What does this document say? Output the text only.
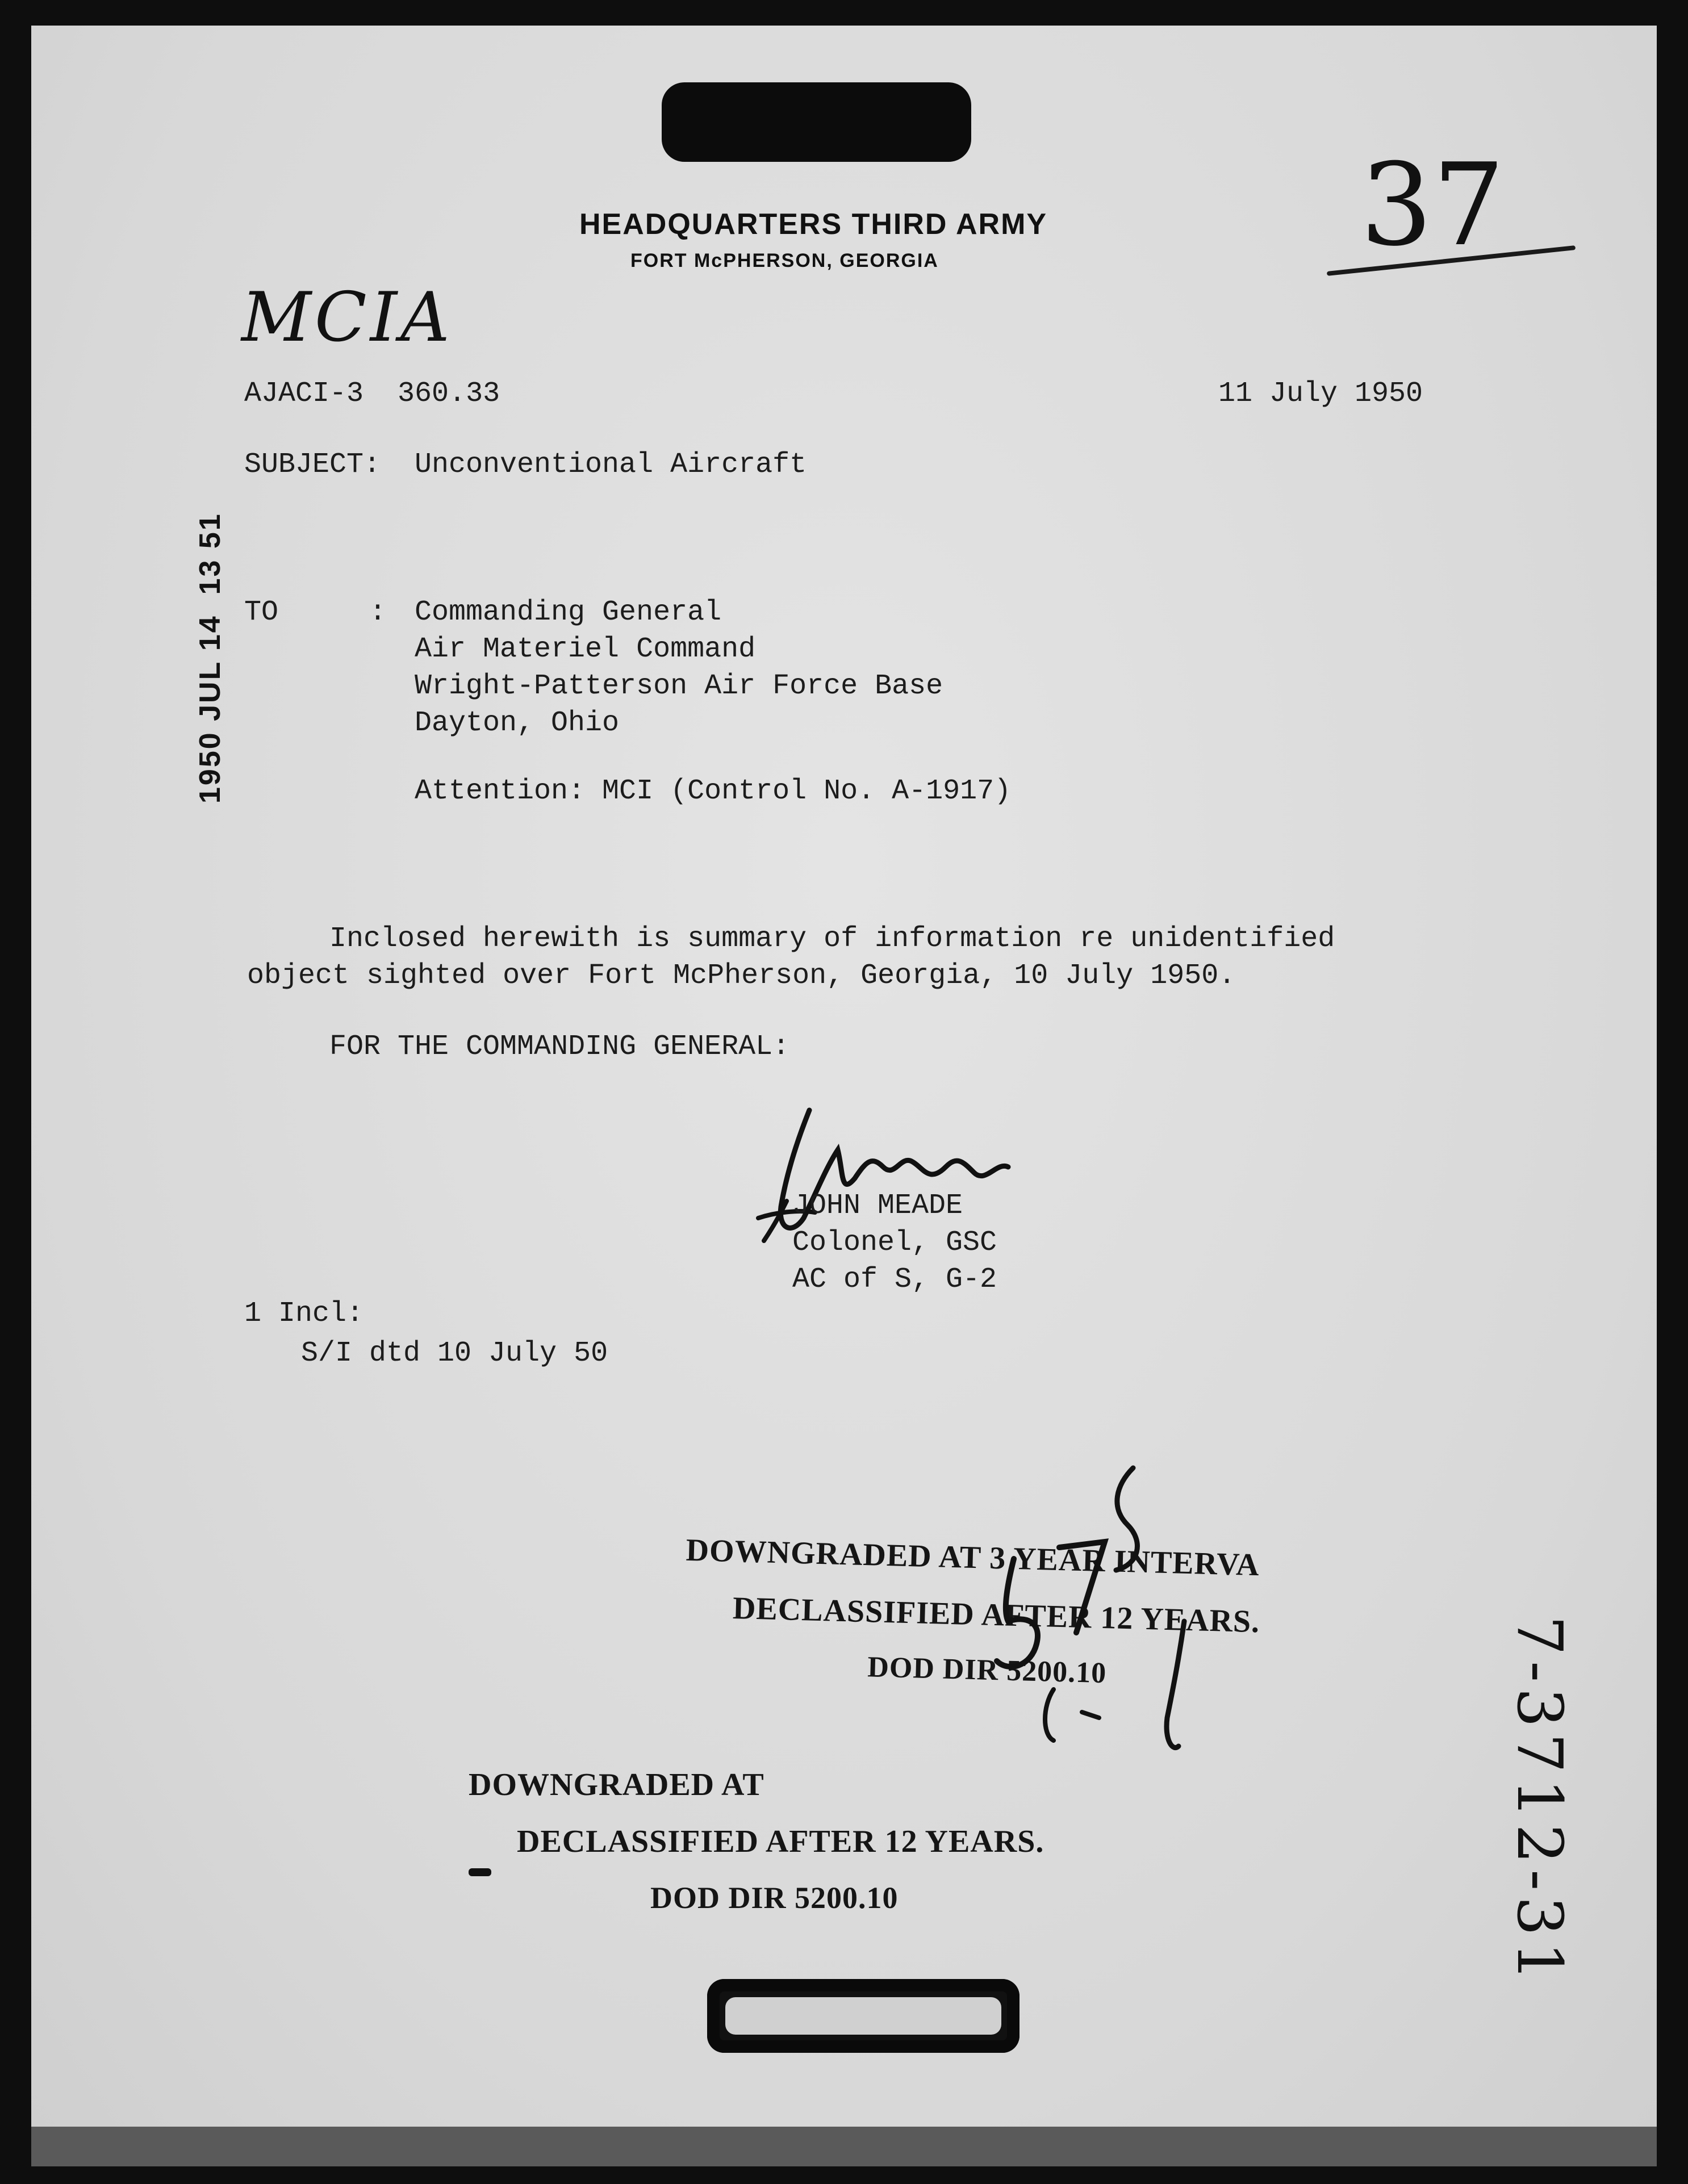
HEADQUARTERS THIRD ARMY
FORT McPHERSON, GEORGIA	37
MCIA
AJACI-3  360.33	11 July 1950
SUBJECT: Unconventional Aircraft
1950 JUL 14  13 51 TO	: Commanding General
Air Materiel Command
Wright-Patterson Air Force Base
Dayton, Ohio
Attention: MCI (Control No. A-1917)
Inclosed herewith is summary of information re unidentified
object sighted over Fort McPherson, Georgia, 10 July 1950.
FOR THE COMMANDING GENERAL:
JOHN MEADE
Colonel, GSC
AC of S, G-2
1 Incl:
S/I dtd 10 July 50

DOWNGRADED AT 3 YEAR INTERVA

DECLASSIFIED AFTER 12 YEARS.

DOD DIR 5200.10

DOWNGRADED AT

DECLASSIFIED AFTER 12 YEARS.

DOD DIR 5200.10

	7-3712-31
